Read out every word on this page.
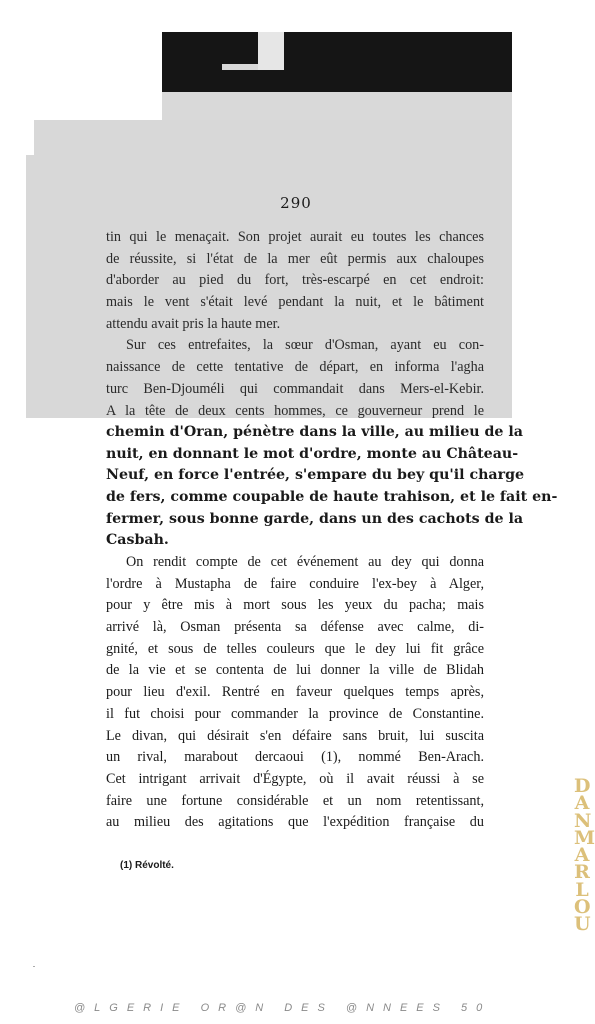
290
tin qui le menaçait. Son projet aurait eu toutes les chances
de réussite, si l'état de la mer eût permis aux chaloupes
d'aborder au pied du fort, très-escarpé en cet endroit:
mais le vent s'était levé pendant la nuit, et le bâtiment
attendu avait pris la haute mer.
Sur ces entrefaites, la sœur d'Osman, ayant eu con-
naissance de cette tentative de départ, en informa l'agha
turc Ben-Djouméli qui commandait dans Mers-el-Kebir.
A la tête de deux cents hommes, ce gouverneur prend le
chemin d'Oran, pénètre dans la ville, au milieu de la
nuit, en donnant le mot d'ordre, monte au Château-
Neuf, en force l'entrée, s'empare du bey qu'il charge
de fers, comme coupable de haute trahison, et le fait en-
fermer, sous bonne garde, dans un des cachots de la
Casbah.
On rendit compte de cet événement au dey qui donna
l'ordre à Mustapha de faire conduire l'ex-bey à Alger,
pour y être mis à mort sous les yeux du pacha; mais
arrivé là, Osman présenta sa défense avec calme, di-
gnité, et sous de telles couleurs que le dey lui fit grâce
de la vie et se contenta de lui donner la ville de Blidah
pour lieu d'exil. Rentré en faveur quelques temps après,
il fut choisi pour commander la province de Constantine.
Le divan, qui désirait s'en défaire sans bruit, lui suscita
un rival, marabout dercaoui (1), nommé Ben-Arach.
Cet intrigant arrivait d'Égypte, où il avait réussi à se
faire une fortune considérable et un nom retentissant,
au milieu des agitations que l'expédition française du
(1) Révolté.
DANMARLOU
@LGERIE OR@N DES @NNEES 50
